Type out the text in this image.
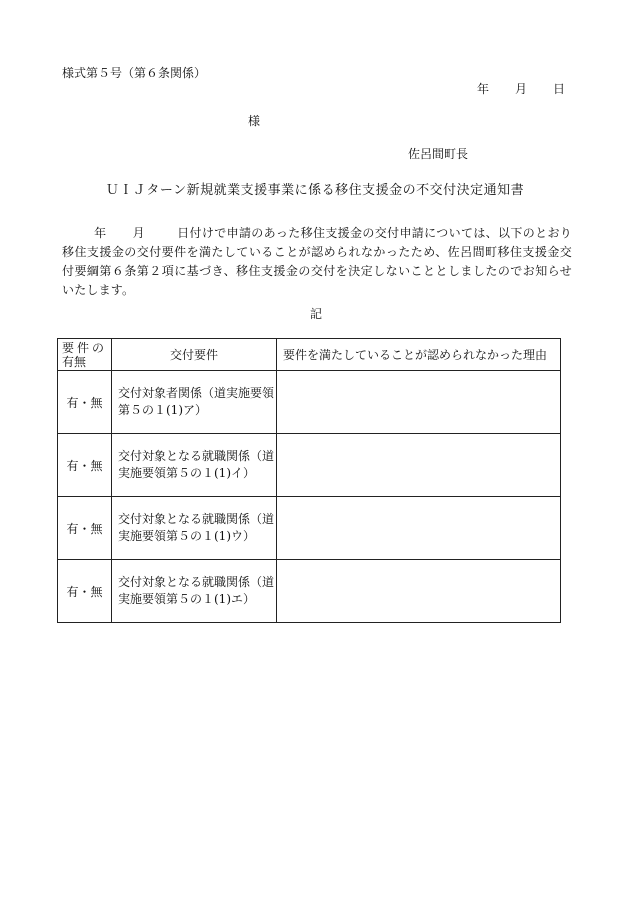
様式第５号（第６条関係）
年 月 日
様
佐呂間町長
ＵＩＪターン新規就業支援事業に係る移住支援金の不交付決定通知書
年 月	日付けで申請のあった移住支援金の交付申請については、以下のとおり移住支援金の交付要件を満たしていることが認められなかったため、佐呂間町移住支援金交付要綱第６条第２項に基づき、移住支援金の交付を決定しないこととしましたのでお知らせいたします。
記
要件の
有無	交付要件	要件を満たしていることが認められなかった理由
有・無	交付対象者関係（道実施要領
第５の１(1)ア）	
有・無	交付対象となる就職関係（道
実施要領第５の１(1)イ）	
有・無	交付対象となる就職関係（道
実施要領第５の１(1)ウ）	
有・無	交付対象となる就職関係（道
実施要領第５の１(1)エ）	
